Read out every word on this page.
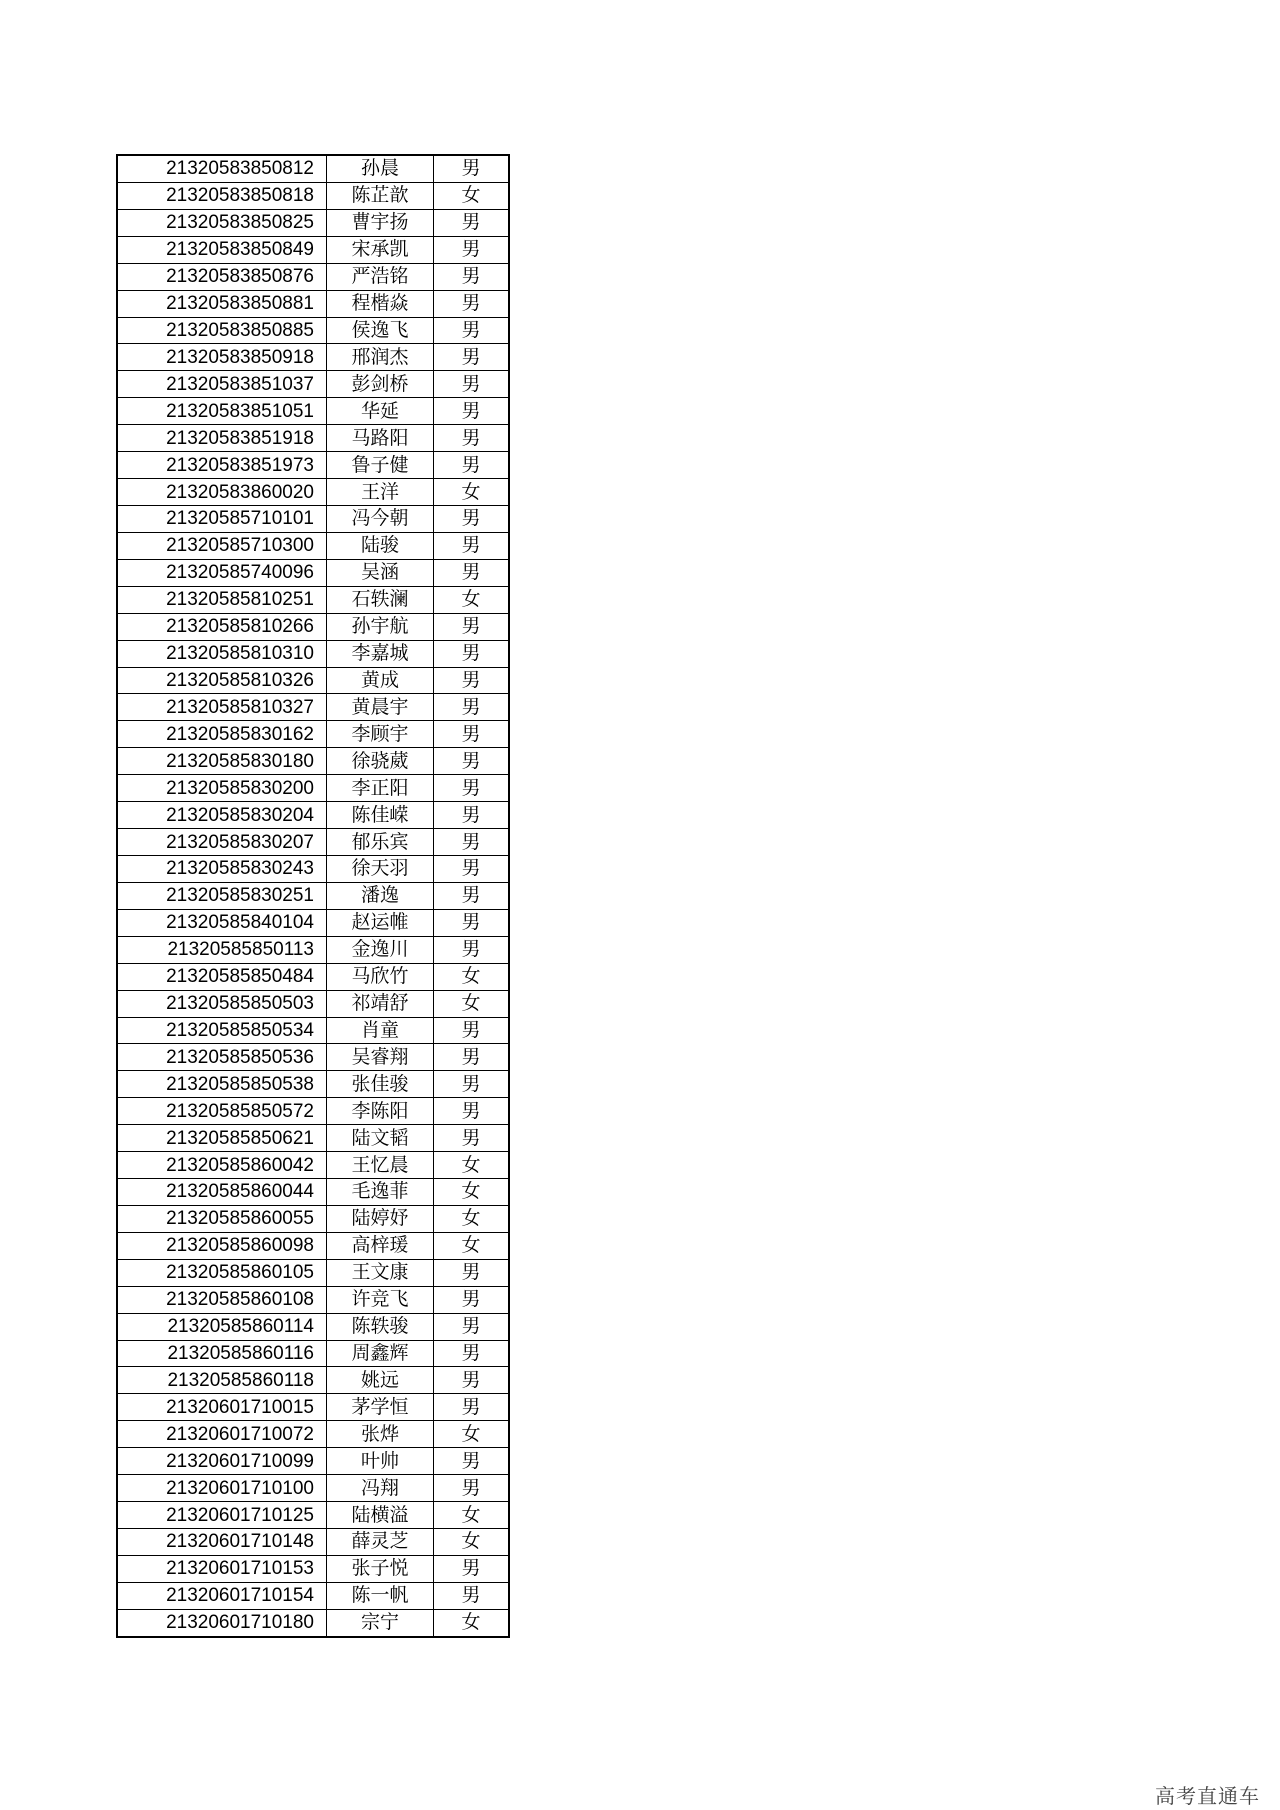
21320583850812	孙晨	男
21320583850818	陈芷歆	女
21320583850825	曹宇扬	男
21320583850849	宋承凯	男
21320583850876	严浩铭	男
21320583850881	程楷焱	男
21320583850885	侯逸飞	男
21320583850918	邢润杰	男
21320583851037	彭剑桥	男
21320583851051	华延	男
21320583851918	马路阳	男
21320583851973	鲁子健	男
21320583860020	王洋	女
21320585710101	冯今朝	男
21320585710300	陆骏	男
21320585740096	吴涵	男
21320585810251	石轶澜	女
21320585810266	孙宇航	男
21320585810310	李嘉城	男
21320585810326	黄成	男
21320585810327	黄晨宇	男
21320585830162	李顾宇	男
21320585830180	徐骁葳	男
21320585830200	李正阳	男
21320585830204	陈佳嵘	男
21320585830207	郁乐宾	男
21320585830243	徐天羽	男
21320585830251	潘逸	男
21320585840104	赵运帷	男
21320585850113	金逸川	男
21320585850484	马欣竹	女
21320585850503	祁靖舒	女
21320585850534	肖童	男
21320585850536	吴睿翔	男
21320585850538	张佳骏	男
21320585850572	李陈阳	男
21320585850621	陆文韬	男
21320585860042	王忆晨	女
21320585860044	毛逸菲	女
21320585860055	陆婷妤	女
21320585860098	高梓瑗	女
21320585860105	王文康	男
21320585860108	许竞飞	男
21320585860114	陈轶骏	男
21320585860116	周鑫辉	男
21320585860118	姚远	男
21320601710015	茅学恒	男
21320601710072	张烨	女
21320601710099	叶帅	男
21320601710100	冯翔	男
21320601710125	陆横溢	女
21320601710148	薛灵芝	女
21320601710153	张子悦	男
21320601710154	陈一帆	男
21320601710180	宗宁	女
高考直通车
